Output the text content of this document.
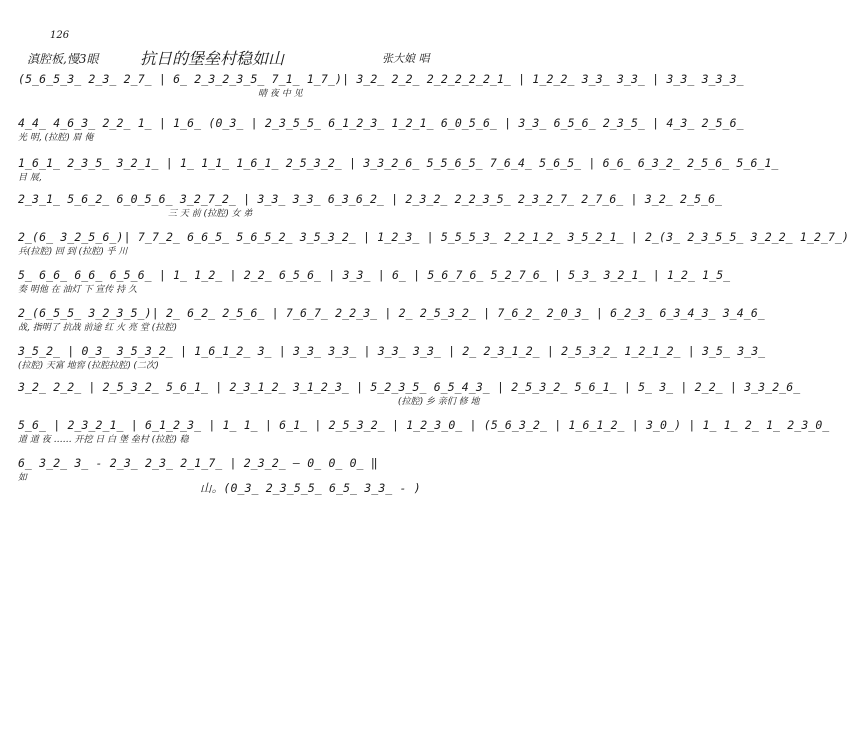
126
滇腔板,慢3眼	抗日的堡垒村稳如山	张大娘 唱
(5̲6̲5̲3̲ 2̲3̲ 2̲7̲ | 6̲ 2̲3̲2̲3̲5̲ 7̲1̲ 1̲7̲)| 3̲2̲ 2̲2̲ 2̲2̲2̲2̲2̲1̲ | 1̲2̲2̲ 3̲3̲ 3̲3̲ | 3̲3̲ 3̲3̲3̲
晴 夜 中 见
4̲4̲ 4̲6̲3̲ 2̲2̲ 1̲ | 1̲6̲ (0̲3̲ | 2̲3̲5̲5̲ 6̲1̲2̲3̲ 1̲2̲1̲ 6̲0̲5̲6̲ | 3̲3̲ 6̲5̲6̲ 2̲3̲5̲ | 4̲3̲ 2̲5̲6̲
光 明, (拉腔) 眉 俺
1̲6̲1̲ 2̲3̲5̲ 3̲2̲1̲ | 1̲ 1̲1̲ 1̲6̲1̲ 2̲5̲3̲2̲ | 3̲3̲2̲6̲ 5̲5̲6̲5̲ 7̲6̲4̲ 5̲6̲5̲ | 6̲6̲ 6̲3̲2̲ 2̲5̲6̲ 5̲6̲1̲
目 展,
2̲3̲1̲ 5̲6̲2̲ 6̲0̲5̲6̲ 3̲2̲7̲2̲ | 3̲3̲ 3̲3̲ 6̲3̲6̲2̲ | 2̲3̲2̲ 2̲2̲3̲5̲ 2̲3̲2̲7̲ 2̲7̲6̲ | 3̲2̲ 2̲5̲6̲
三 天 前 (拉腔) 女 弟
2̲(6̲ 3̲2̲5̲6̲)| 7̲7̲2̲ 6̲6̲5̲ 5̲6̲5̲2̲ 3̲5̲3̲2̲ | 1̲2̲3̲ | 5̲5̲5̲3̲ 2̲2̲1̲2̲ 3̲5̲2̲1̲ | 2̲(3̲ 2̲3̲5̲5̲ 3̲2̲2̲ 1̲2̲7̲)
兵(拉腔) 回 到 (拉腔) 乎 川
5̲ 6̲6̲ 6̲6̲ 6̲5̲6̲ | 1̲ 1̲2̲ | 2̲2̲ 6̲5̲6̲ | 3̲3̲ | 6̲ | 5̲6̲7̲6̲ 5̲2̲7̲6̲ | 5̲3̲ 3̲2̲1̲ | 1̲2̲ 1̲5̲
奏 明他 在 油灯 下 宣传 持 久
2̲(6̲5̲5̲ 3̲2̲3̲5̲)| 2̲ 6̲2̲ 2̲5̲6̲ | 7̲6̲7̲ 2̲2̲3̲ | 2̲ 2̲5̲3̲2̲ | 7̲6̲2̲ 2̲0̲3̲ | 6̲2̲3̲ 6̲3̲4̲3̲ 3̲4̲6̲
战, 指明了 抗战 前途 红 火 亮 堂 (拉腔)
3̲5̲2̲ | 0̲3̲ 3̲5̲3̲2̲ | 1̲6̲1̲2̲ 3̲ | 3̲3̲ 3̲3̲ | 3̲3̲ 3̲3̲ | 2̲ 2̲3̲1̲2̲ | 2̲5̲3̲2̲ 1̲2̲1̲2̲ | 3̲5̲ 3̲3̲
(拉腔) 天富 地窖 (拉腔拉腔) (二次)
3̲2̲ 2̲2̲ | 2̲5̲3̲2̲ 5̲6̲1̲ | 2̲3̲1̲2̲ 3̲1̲2̲3̲ | 5̲2̲3̲5̲ 6̲5̲4̲3̲ | 2̲5̲3̲2̲ 5̲6̲1̲ | 5̲ 3̲ | 2̲2̲ | 3̲3̲2̲6̲
(拉腔) 乡 亲们 修 地
5̲6̲ | 2̲3̲2̲1̲ | 6̲1̲2̲3̲ | 1̲ 1̲ | 6̲1̲ | 2̲5̲3̲2̲ | 1̲2̲3̲0̲ | (5̲6̲3̲2̲ | 1̲6̲1̲2̲ | 3̲0̲) | 1̲ 1̲ 2̲ 1̲ 2̲3̲0̲
道 道 夜 …… 开挖 日 白 堡 垒村 (拉腔) 稳
6̲ 3̲2̲ 3̲ - 2̲3̲ 2̲3̲ 2̲1̲7̲ | 2̲3̲2̲ — 0̲ 0̲ 0̲ ‖
如
山。(0̲3̲ 2̲3̲5̲5̲ 6̲5̲ 3̲3̲ - )
